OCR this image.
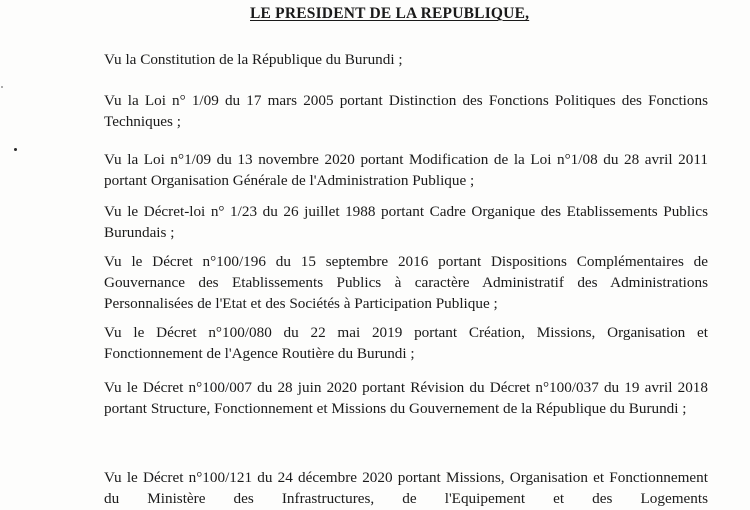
LE PRESIDENT DE LA REPUBLIQUE,
Vu la Constitution de la République du Burundi ;
Vu la Loi n° 1/09 du 17 mars 2005 portant Distinction des Fonctions Politiques des Fonctions Techniques ;
Vu la Loi n°1/09 du 13 novembre 2020 portant Modification de la Loi n°1/08 du 28 avril 2011 portant Organisation Générale de l'Administration Publique ;
Vu le Décret-loi n° 1/23 du 26 juillet 1988 portant Cadre Organique des Etablissements Publics Burundais ;
Vu le Décret n°100/196 du 15 septembre 2016 portant Dispositions Complémentaires de Gouvernance des Etablissements Publics à caractère Administratif des Administrations Personnalisées de l'Etat et des Sociétés à Participation Publique ;
Vu le Décret n°100/080 du 22 mai 2019 portant Création, Missions, Organisation et Fonctionnement de l'Agence Routière du Burundi ;
Vu le Décret n°100/007 du 28 juin 2020 portant Révision du Décret n°100/037 du 19 avril 2018 portant Structure, Fonctionnement et Missions du Gouvernement de la République du Burundi ;
Vu le Décret n°100/121 du 24 décembre 2020 portant Missions, Organisation et Fonctionnement du Ministère des Infrastructures, de l'Equipement et des Logements
